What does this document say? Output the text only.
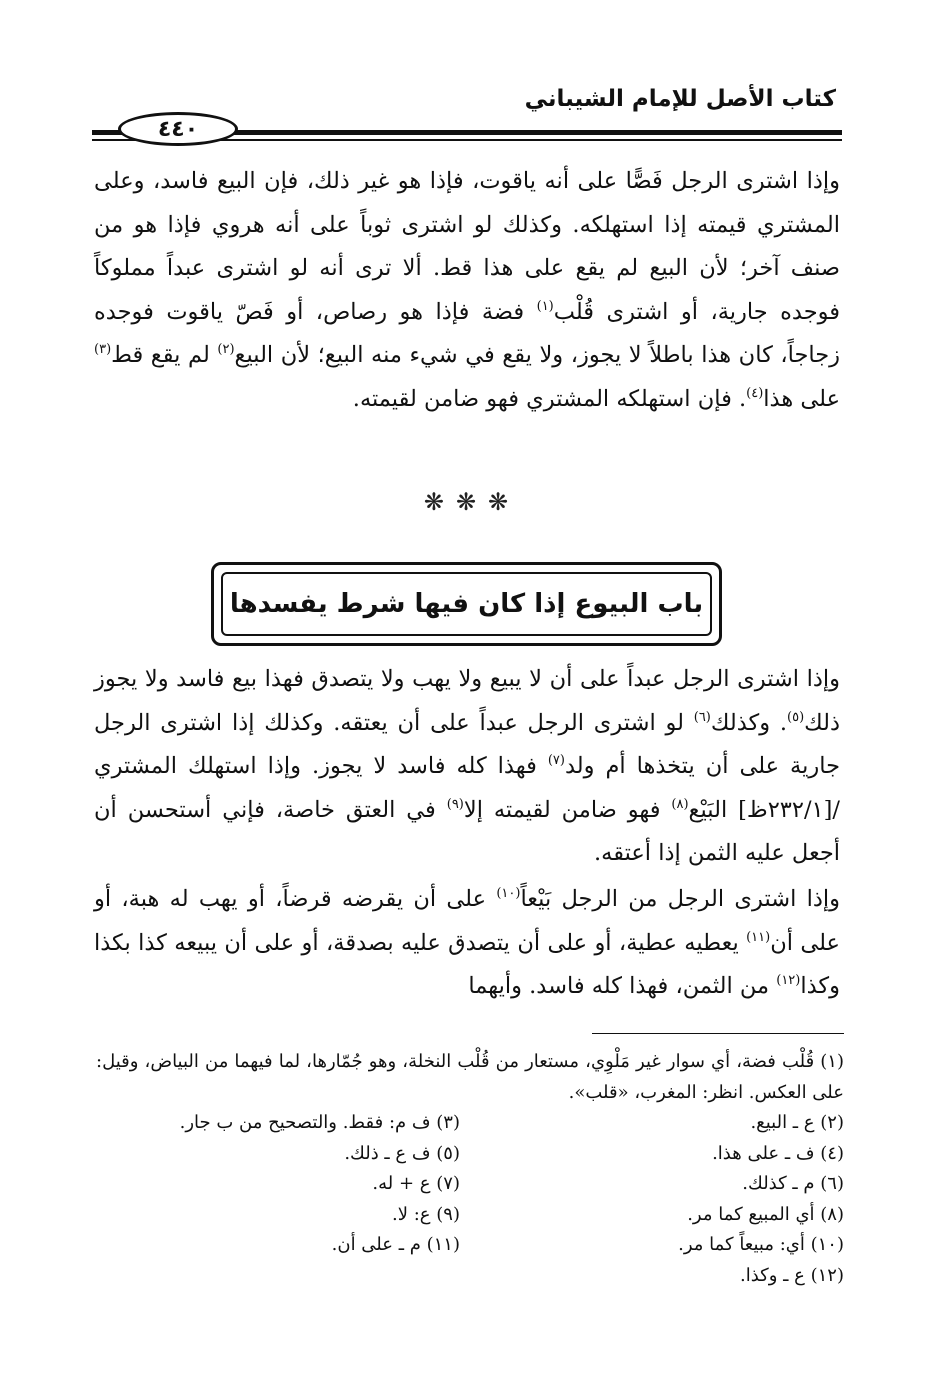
كتاب الأصل للإمام الشيباني
٤٤٠

وإذا اشترى الرجل فَصًّا على أنه ياقوت، فإذا هو غير ذلك، فإن البيع فاسد، وعلى المشتري قيمته إذا استهلكه. وكذلك لو اشترى ثوباً على أنه هروي فإذا هو من صنف آخر؛ لأن البيع لم يقع على هذا قط. ألا ترى أنه لو اشترى عبداً مملوكاً فوجده جارية، أو اشترى قُلْب$^{(١)}$ فضة فإذا هو رصاص، أو فَصّ ياقوت فوجده زجاجاً، كان هذا باطلاً لا يجوز، ولا يقع في شيء منه البيع؛ لأن البيع$^{(٢)}$ لم يقع قط$^{(٣)}$ على هذا$^{(٤)}$. فإن استهلكه المشتري فهو ضامن لقيمته.

❋❋❋
باب البيوع إذا كان فيها شرط يفسدها

وإذا اشترى الرجل عبداً على أن لا يبيع ولا يهب ولا يتصدق فهذا بيع فاسد ولا يجوز ذلك$^{(٥)}$. وكذلك$^{(٦)}$ لو اشترى الرجل عبداً على أن يعتقه. وكذلك إذا اشترى الرجل جارية على أن يتخذها أم ولد$^{(٧)}$ فهذا كله فاسد لا يجوز. وإذا استهلك المشتري /[٢٣٢/١ظ] البَيْع$^{(٨)}$ فهو ضامن لقيمته إلا$^{(٩)}$ في العتق خاصة، فإني أستحسن أن أجعل عليه الثمن إذا أعتقه.

وإذا اشترى الرجل من الرجل بَيْعاً$^{(١٠)}$ على أن يقرضه قرضاً، أو يهب له هبة، أو على أن$^{(١١)}$ يعطيه عطية، أو على أن يتصدق عليه بصدقة، أو على أن يبيعه كذا بكذا وكذا$^{(١٢)}$ من الثمن، فهذا كله فاسد. وأيهما

(١) قُلْب فضة، أي سوار غير مَلْوِي، مستعار من قُلْب النخلة، وهو جُمّارها، لما فيهما من البياض، وقيل: على العكس. انظر: المغرب، «قلب».
(٢) ع ـ البيع.
(٣) ف م: فقط. والتصحيح من ب جار.
(٤) ف ـ على هذا.
(٥) ف ع ـ ذلك.
(٦) م ـ كذلك.
(٧) ع + له.
(٨) أي المبيع كما مر.
(٩) ع: لا.
(١٠) أي: مبيعاً كما مر.
(١١) م ـ على أن.
(١٢) ع ـ وكذا.
